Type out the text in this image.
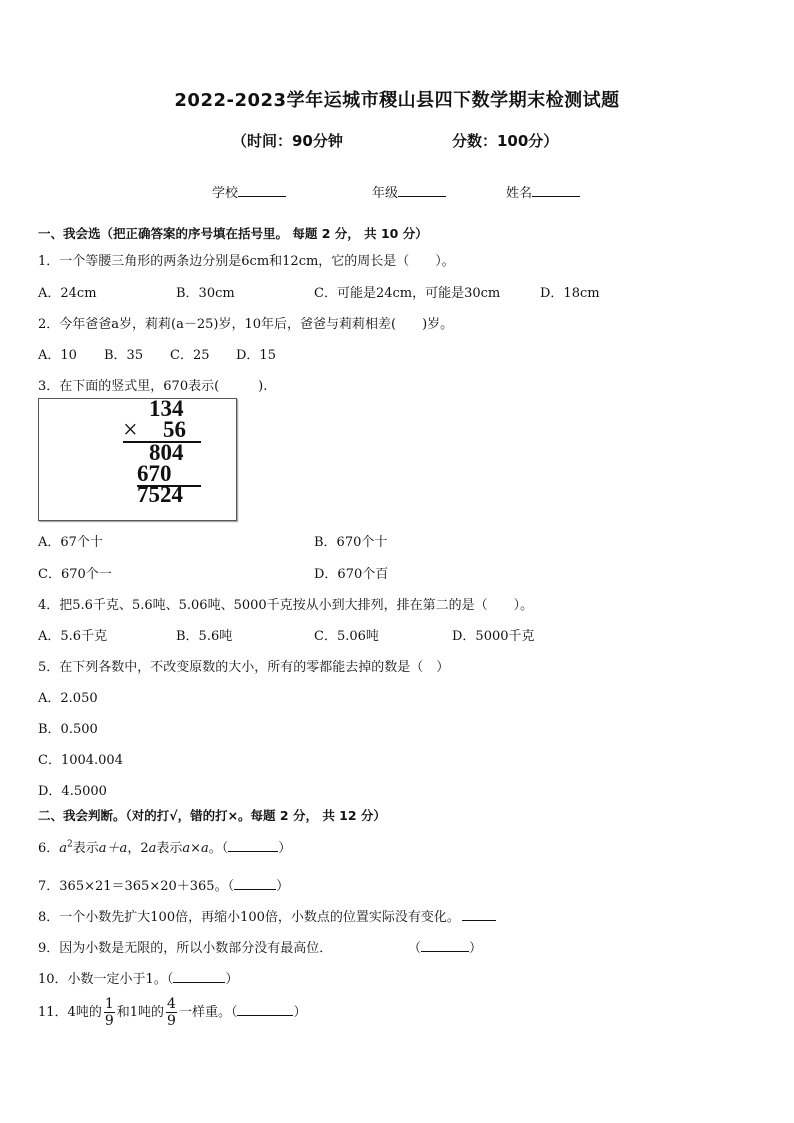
2022-2023学年运城市稷山县四下数学期末检测试题
（时间：90分钟	分数：100分）
学校	年级	姓名
一、我会选（把正确答案的序号填在括号里。 每题 2 分， 共 10 分）
1．一个等腰三角形的两条边分别是6cm和12cm，它的周长是（　　）。
A．24cm	B．30cm	C．可能是24cm，可能是30cm	D．18cm
2．今年爸爸a岁，莉莉(a－25)岁，10年后，爸爸与莉莉相差(　　)岁。
A．10 B．35 C．25 D．15
3．在下面的竖式里，670表示(　　　).
134
× 56
804
670
7524
A．67个十	B．670个十
C．670个一	D．670个百
4．把5.6千克、5.6吨、5.06吨、5000千克按从小到大排列，排在第二的是（　　）。
A．5.6千克	B．5.6吨	C．5.06吨	D．5000千克
5．在下列各数中，不改变原数的大小，所有的零都能去掉的数是（　）
A．2.050
B．0.500
C．1004.004
D．4.5000
二、我会判断。（对的打√，错的打×。每题 2 分， 共 12 分）
6．$a^2$表示a＋a，2a表示a×a。（	）
7．365×21＝365×20＋365。（	）
8．一个小数先扩大100倍，再缩小100倍，小数点的位置实际没有变化。
9．因为小数是无限的，所以小数部分没有最高位．	（	）
10．小数一定小于1。（	）
11．4吨的 $\frac{1}{9}$ 和1吨的 $\frac{4}{9}$ 一样重。（	）
